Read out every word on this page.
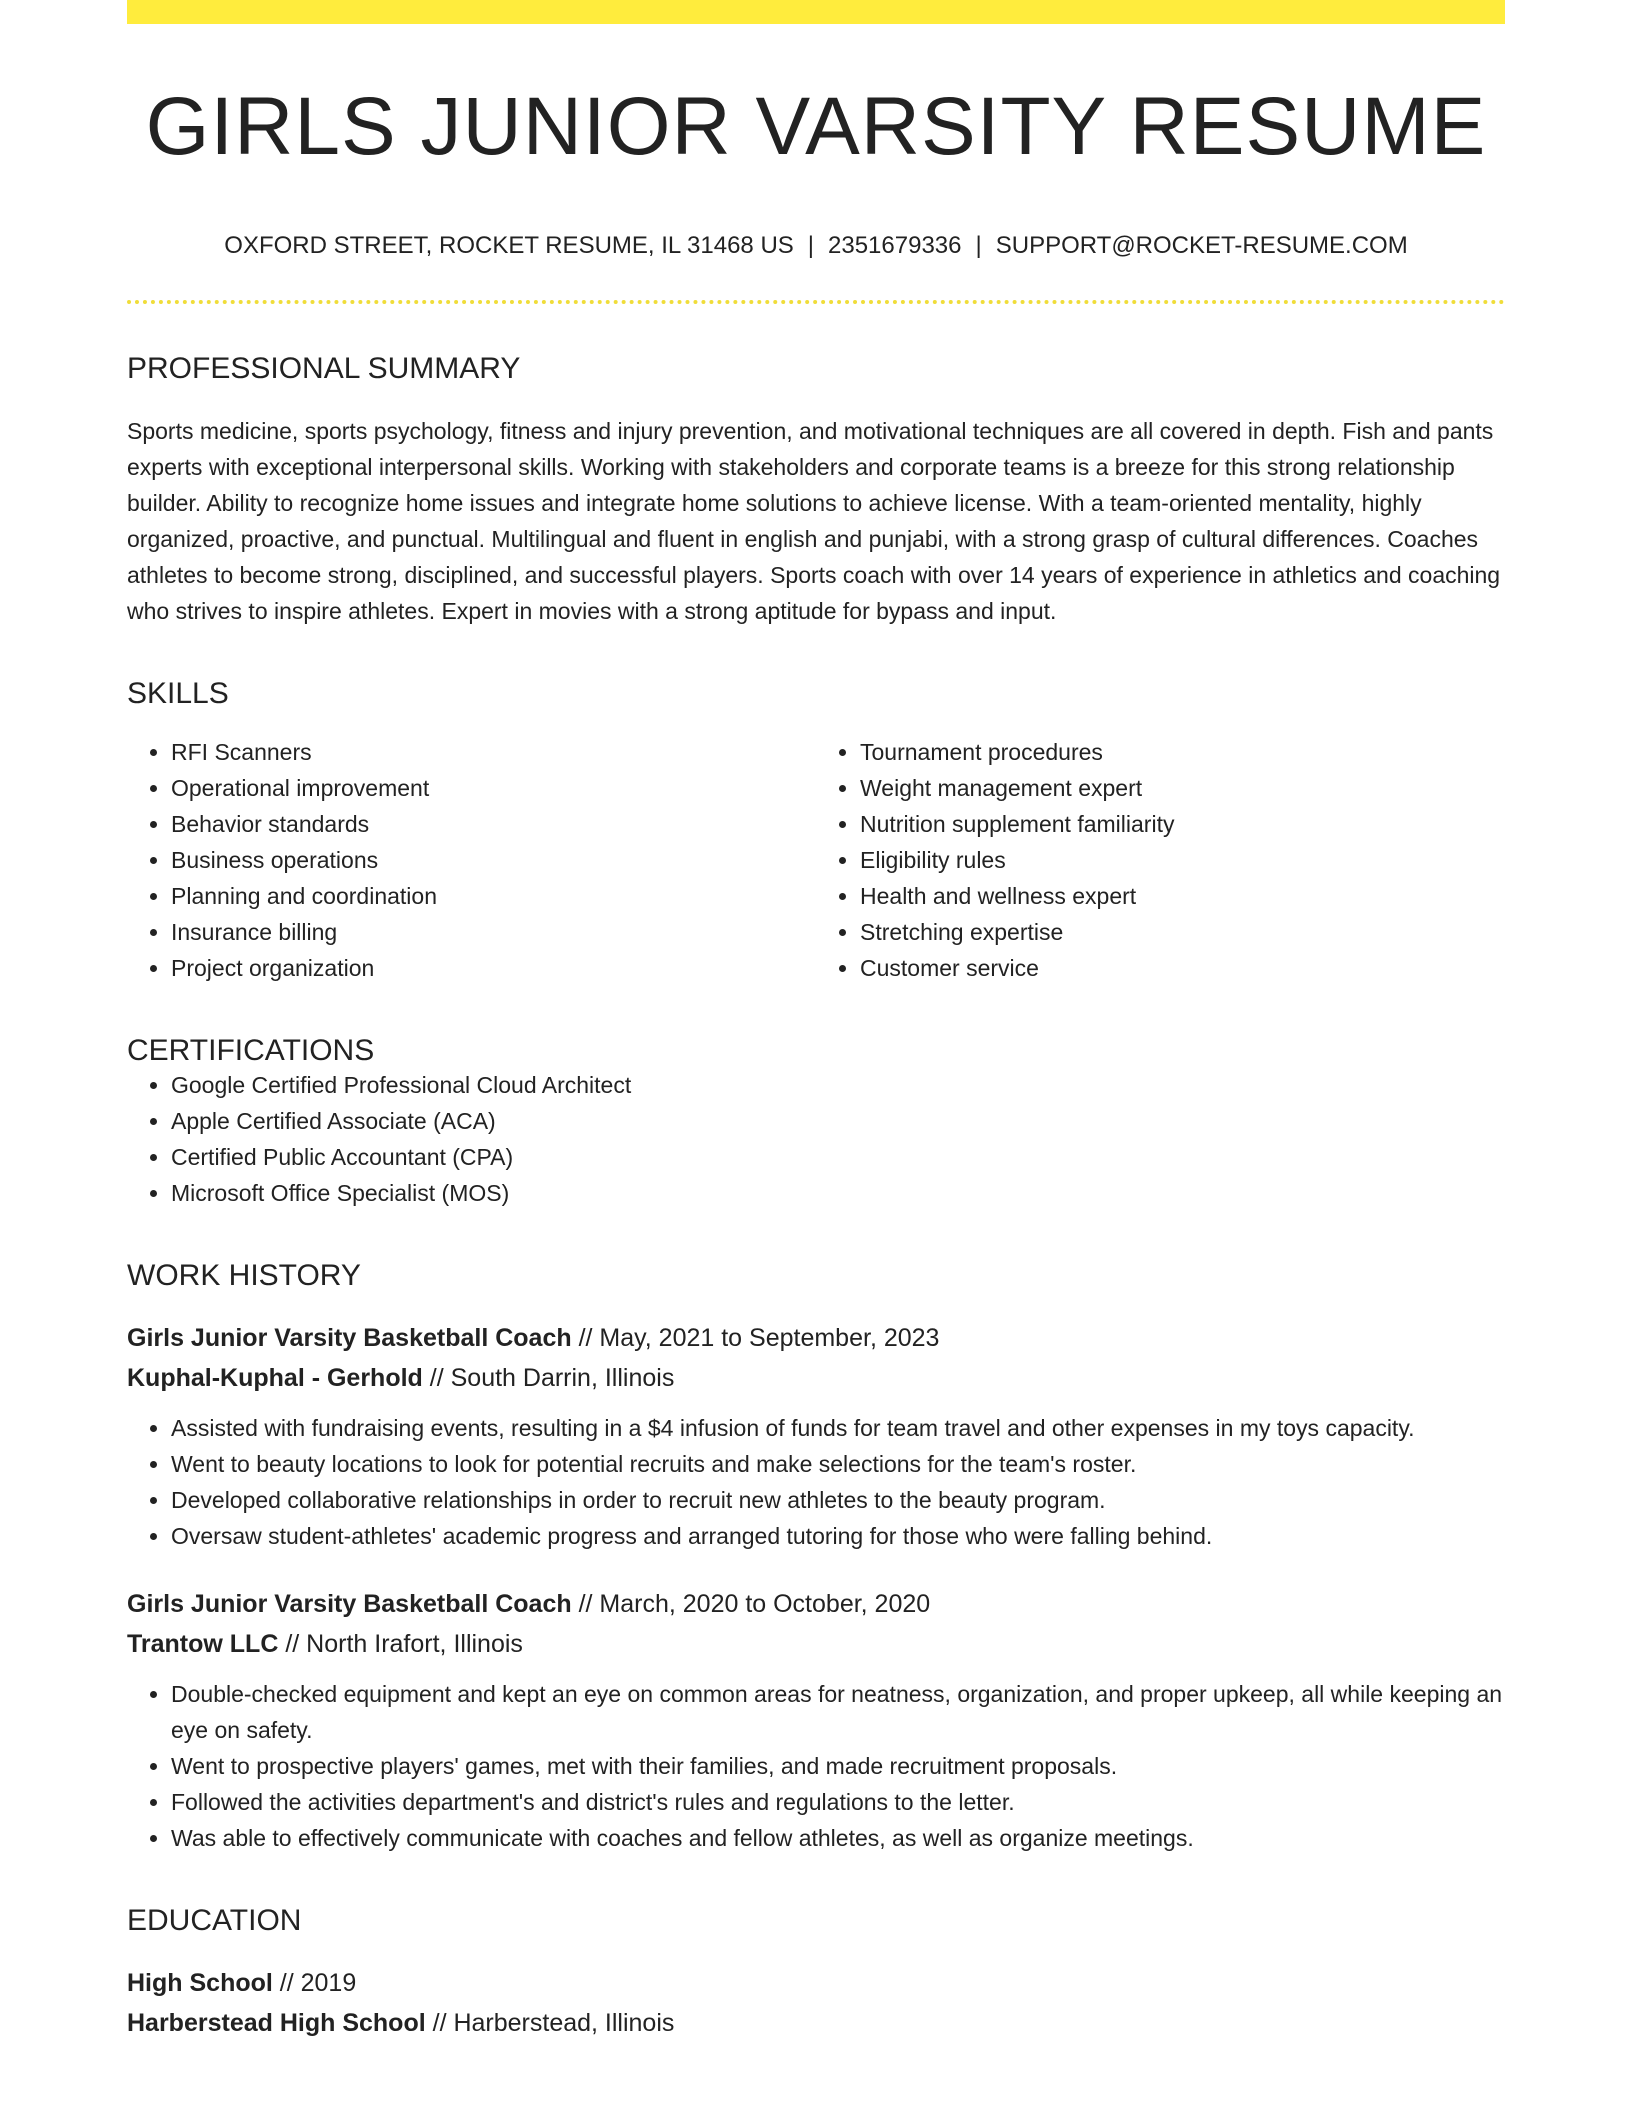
GIRLS JUNIOR VARSITY RESUME
OXFORD STREET, ROCKET RESUME, IL 31468 US | 2351679336 | SUPPORT@ROCKET-RESUME.COM
PROFESSIONAL SUMMARY
Sports medicine, sports psychology, fitness and injury prevention, and motivational techniques are all covered in depth. Fish and pants experts with exceptional interpersonal skills. Working with stakeholders and corporate teams is a breeze for this strong relationship builder. Ability to recognize home issues and integrate home solutions to achieve license. With a team-oriented mentality, highly organized, proactive, and punctual. Multilingual and fluent in english and punjabi, with a strong grasp of cultural differences. Coaches athletes to become strong, disciplined, and successful players. Sports coach with over 14 years of experience in athletics and coaching who strives to inspire athletes. Expert in movies with a strong aptitude for bypass and input.
SKILLS
• RFI Scanners
• Operational improvement
• Behavior standards
• Business operations
• Planning and coordination
• Insurance billing
• Project organization
• Tournament procedures
• Weight management expert
• Nutrition supplement familiarity
• Eligibility rules
• Health and wellness expert
• Stretching expertise
• Customer service
CERTIFICATIONS
• Google Certified Professional Cloud Architect
• Apple Certified Associate (ACA)
• Certified Public Accountant (CPA)
• Microsoft Office Specialist (MOS)
WORK HISTORY
Girls Junior Varsity Basketball Coach // May, 2021 to September, 2023
Kuphal-Kuphal - Gerhold // South Darrin, Illinois
• Assisted with fundraising events, resulting in a $4 infusion of funds for team travel and other expenses in my toys capacity.
• Went to beauty locations to look for potential recruits and make selections for the team's roster.
• Developed collaborative relationships in order to recruit new athletes to the beauty program.
• Oversaw student-athletes' academic progress and arranged tutoring for those who were falling behind.
Girls Junior Varsity Basketball Coach // March, 2020 to October, 2020
Trantow LLC // North Irafort, Illinois
• Double-checked equipment and kept an eye on common areas for neatness, organization, and proper upkeep, all while keeping an eye on safety.
• Went to prospective players' games, met with their families, and made recruitment proposals.
• Followed the activities department's and district's rules and regulations to the letter.
• Was able to effectively communicate with coaches and fellow athletes, as well as organize meetings.
EDUCATION
High School // 2019
Harberstead High School // Harberstead, Illinois
